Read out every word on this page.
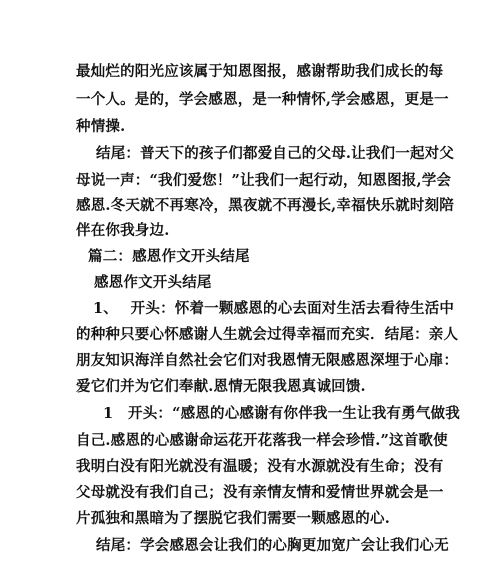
最灿烂的阳光应该属于知恩图报，感谢帮助我们成长的每
一个人。是的，学会感恩，是一种情怀,学会感恩，更是一
种情操.
结尾：普天下的孩子们都爱自己的父母.让我们一起对父
母说一声：“我们爱您！”让我们一起行动，知恩图报,学会
感恩.冬天就不再寒冷，黑夜就不再漫长,幸福快乐就时刻陪
伴在你我身边.
篇二：感恩作文开头结尾
感恩作文开头结尾
1、　 开头：怀着一颗感恩的心去面对生活去看待生活中
的种种只要心怀感谢人生就会过得幸福而充实．结尾：亲人
朋友知识海洋自然社会它们对我恩情无限感恩深埋于心扉：
爱它们并为它们奉献.恩情无限我恩真诚回馈.
1　开头：“感恩的心感谢有你伴我一生让我有勇气做我
自己.感恩的心感谢命运花开花落我一样会珍惜.”这首歌使
我明白没有阳光就没有温暖；没有水源就没有生命；没有
父母就没有我们自己；没有亲情友情和爱情世界就会是一
片孤独和黑暗为了摆脱它我们需要一颗感恩的心.
结尾：学会感恩会让我们的心胸更加宽广会让我们心无
